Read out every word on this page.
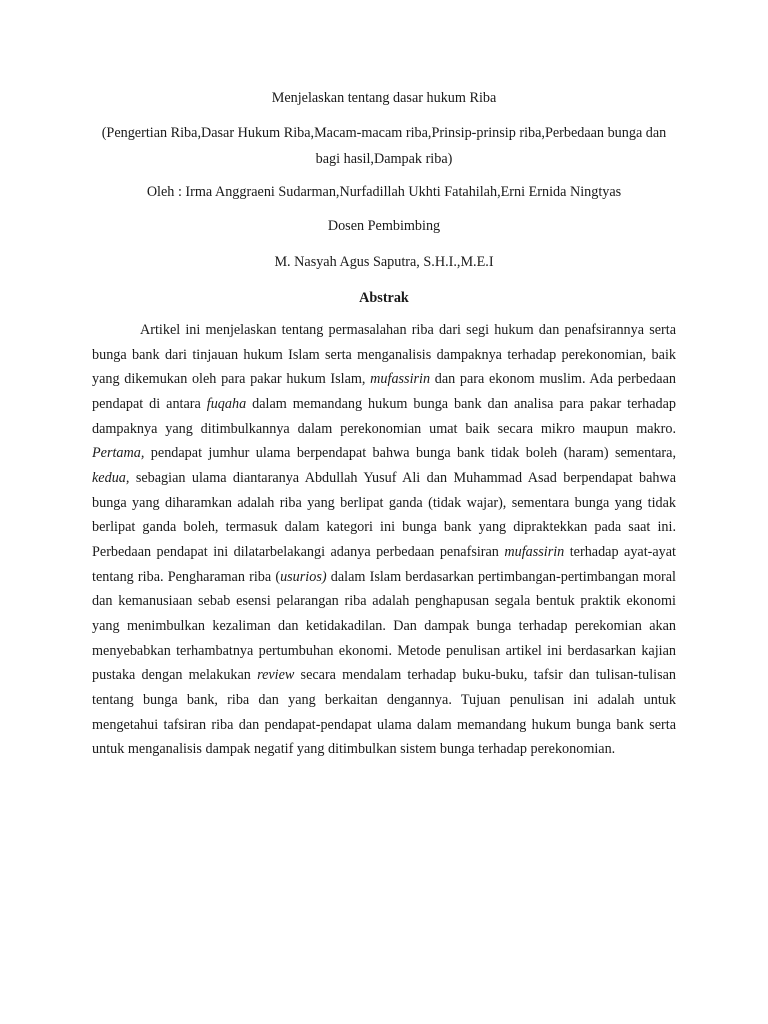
Menjelaskan tentang dasar hukum Riba

(Pengertian Riba,Dasar Hukum Riba,Macam-macam riba,Prinsip-prinsip riba,Perbedaan bunga dan bagi hasil,Dampak riba)

Oleh : Irma Anggraeni Sudarman,Nurfadillah Ukhti Fatahilah,Erni Ernida Ningtyas

Dosen Pembimbing

M. Nasyah Agus Saputra, S.H.I.,M.E.I

Abstrak

Artikel ini menjelaskan tentang permasalahan riba dari segi hukum dan penafsirannya serta bunga bank dari tinjauan hukum Islam serta menganalisis dampaknya terhadap perekonomian, baik yang dikemukan oleh para pakar hukum Islam, mufassirin dan para ekonom muslim. Ada perbedaan pendapat di antara fuqaha dalam memandang hukum bunga bank dan analisa para pakar terhadap dampaknya yang ditimbulkannya dalam perekonomian umat baik secara mikro maupun makro. Pertama, pendapat jumhur ulama berpendapat bahwa bunga bank tidak boleh (haram) sementara, kedua, sebagian ulama diantaranya Abdullah Yusuf Ali dan Muhammad Asad berpendapat bahwa bunga yang diharamkan adalah riba yang berlipat ganda (tidak wajar), sementara bunga yang tidak berlipat ganda boleh, termasuk dalam kategori ini bunga bank yang dipraktekkan pada saat ini. Perbedaan pendapat ini dilatarbelakangi adanya perbedaan penafsiran mufassirin terhadap ayat-ayat tentang riba. Pengharaman riba (usurios) dalam Islam berdasarkan pertimbangan-pertimbangan moral dan kemanusiaan sebab esensi pelarangan riba adalah penghapusan segala bentuk praktik ekonomi yang menimbulkan kezaliman dan ketidakadilan. Dan dampak bunga terhadap perekomian akan menyebabkan terhambatnya pertumbuhan ekonomi. Metode penulisan artikel ini berdasarkan kajian pustaka dengan melakukan review secara mendalam terhadap buku-buku, tafsir dan tulisan-tulisan tentang bunga bank, riba dan yang berkaitan dengannya. Tujuan penulisan ini adalah untuk mengetahui tafsiran riba dan pendapat-pendapat ulama dalam memandang hukum bunga bank serta untuk menganalisis dampak negatif yang ditimbulkan sistem bunga terhadap perekonomian.
